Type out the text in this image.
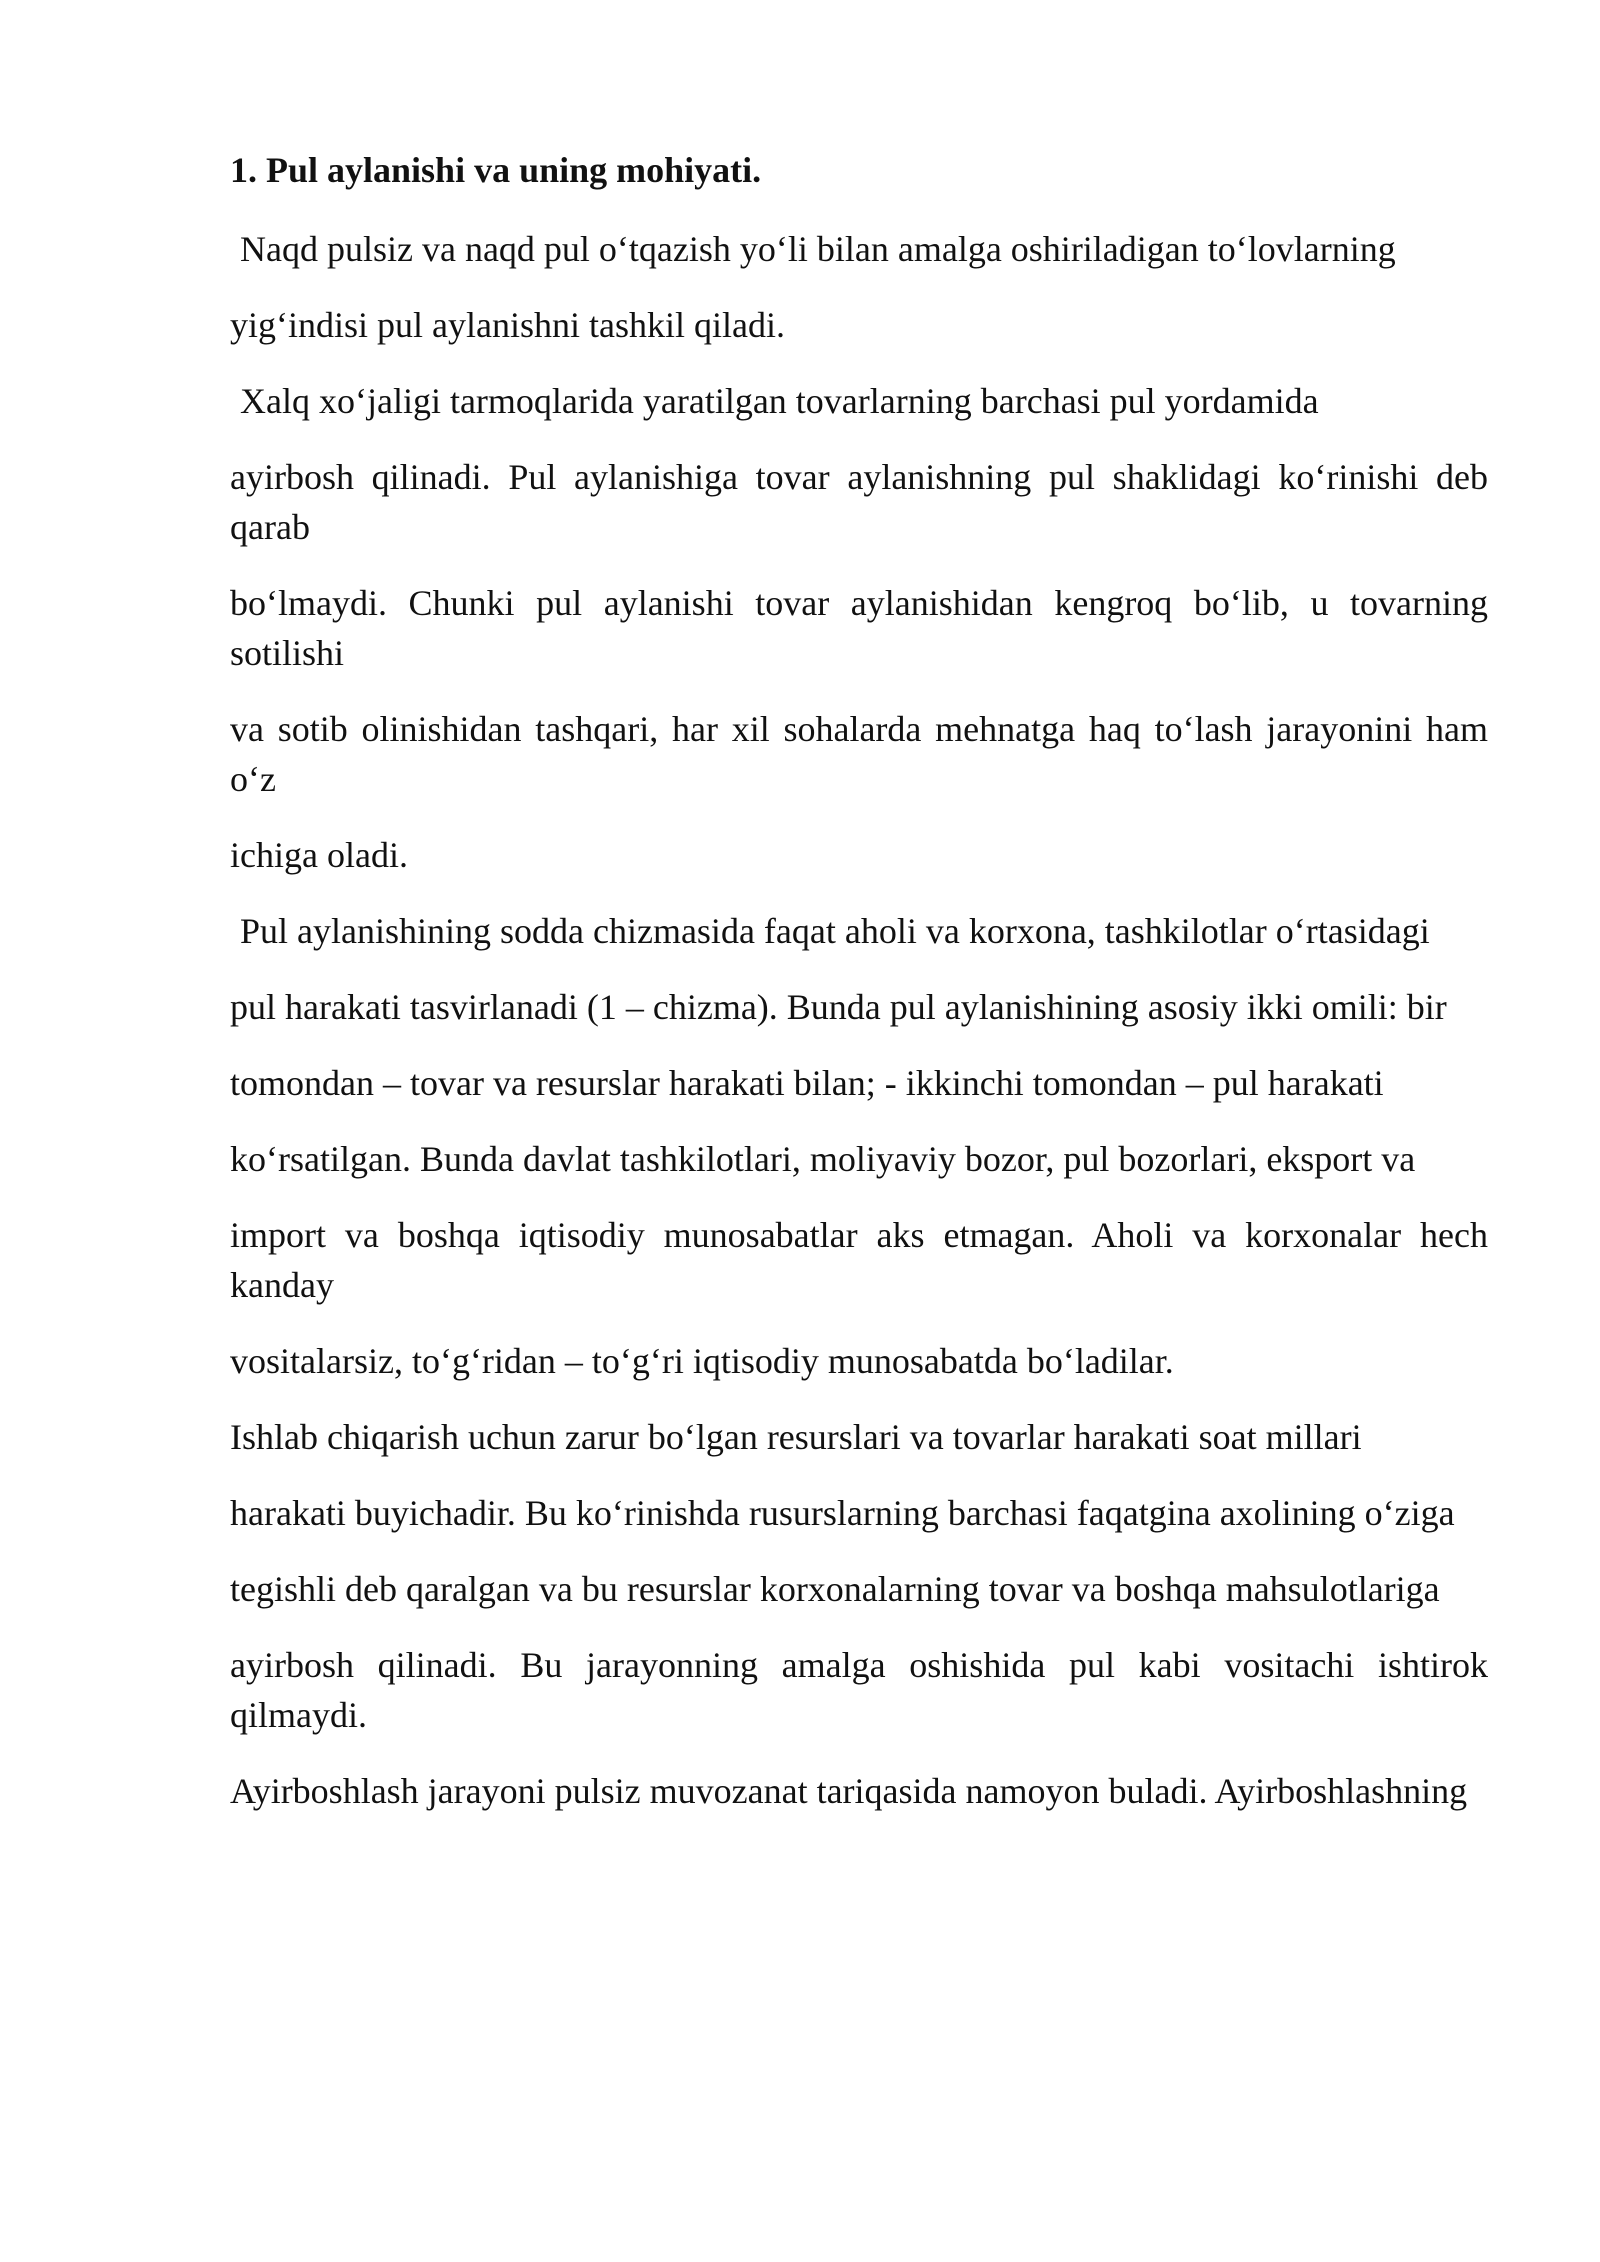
1. Pul aylanishi va uning mohiyati.

Naqd pulsiz va naqd pul o‘tqazish yo‘li bilan amalga oshiriladigan to‘lovlarning

yig‘indisi pul aylanishni tashkil qiladi.

Xalq xo‘jaligi tarmoqlarida yaratilgan tovarlarning barchasi pul yordamida

ayirbosh qilinadi. Pul aylanishiga tovar aylanishning pul shaklidagi ko‘rinishi deb qarab

bo‘lmaydi. Chunki pul aylanishi tovar aylanishidan kengroq bo‘lib, u tovarning sotilishi

va sotib olinishidan tashqari, har xil sohalarda mehnatga haq to‘lash jarayonini ham o‘z

ichiga oladi.

Pul aylanishining sodda chizmasida faqat aholi va korxona, tashkilotlar o‘rtasidagi

pul harakati tasvirlanadi (1 – chizma). Bunda pul aylanishining asosiy ikki omili: bir

tomondan – tovar va resurslar harakati bilan; - ikkinchi tomondan – pul harakati

ko‘rsatilgan. Bunda davlat tashkilotlari, moliyaviy bozor, pul bozorlari, eksport va

import va boshqa iqtisodiy munosabatlar aks etmagan. Aholi va korxonalar hech kanday

vositalarsiz, to‘g‘ridan – to‘g‘ri iqtisodiy munosabatda bo‘ladilar.

Ishlab chiqarish uchun zarur bo‘lgan resurslari va tovarlar harakati soat millari

harakati buyichadir. Bu ko‘rinishda rusurslarning barchasi faqatgina axolining o‘ziga

tegishli deb qaralgan va bu resurslar korxonalarning tovar va boshqa mahsulotlariga

ayirbosh qilinadi. Bu jarayonning amalga oshishida pul kabi vositachi ishtirok qilmaydi.

Ayirboshlash jarayoni pulsiz muvozanat tariqasida namoyon buladi. Ayirboshlashning
